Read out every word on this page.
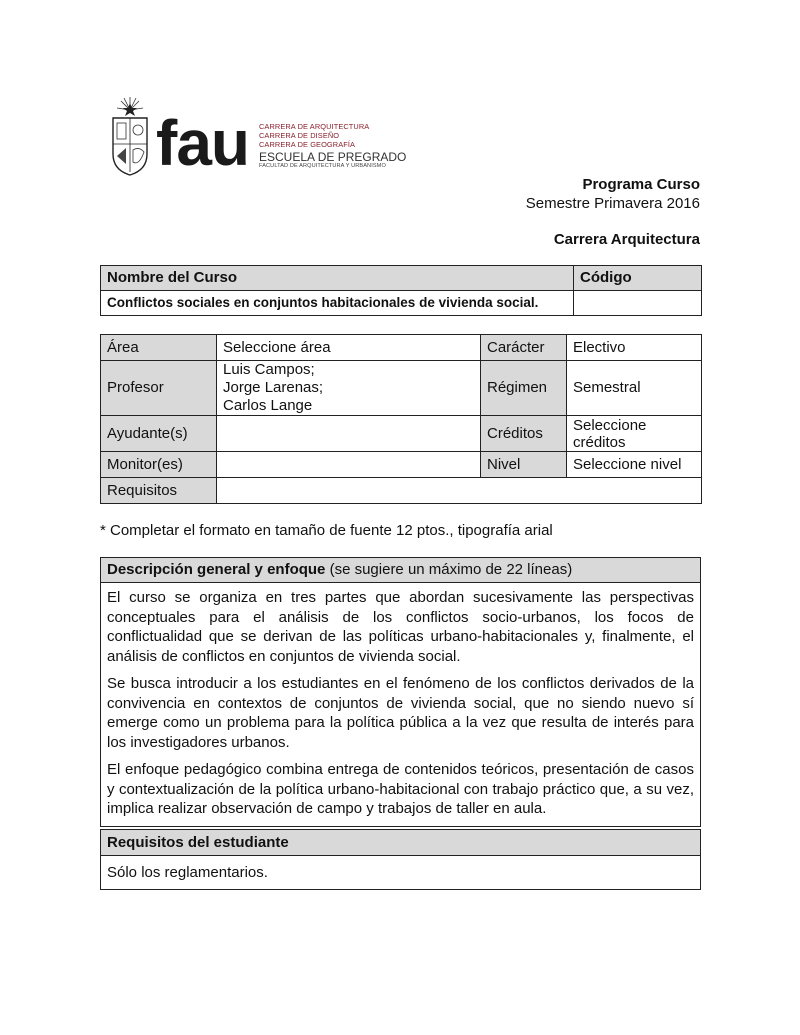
fau CARRERA DE ARQUITECTURA
CARRERA DE DISEÑO
CARRERA DE GEOGRAFÍA
ESCUELA DE PREGRADO
FACULTAD DE ARQUITECTURA Y URBANISMO
Programa Curso
Semestre Primavera 2016
Carrera Arquitectura
Nombre del Curso	Código
Conflictos sociales en conjuntos habitacionales de vivienda social.	
Área	Seleccione área	Carácter	Electivo
Profesor	Luis Campos;
Jorge Larenas;
Carlos Lange	Régimen	Semestral
Ayudante(s)		Créditos	Seleccione créditos
Monitor(es)		Nivel	Seleccione nivel
Requisitos			
* Completar el formato en tamaño de fuente 12 ptos., tipografía arial
Descripción general y enfoque (se sugiere un máximo de 22 líneas)

El curso se organiza en tres partes que abordan sucesivamente las perspectivas conceptuales para el análisis de los conflictos socio-urbanos, los focos de conflictualidad que se derivan de las políticas urbano-habitacionales y, finalmente, el análisis de conflictos en conjuntos de vivienda social.

Se busca introducir a los estudiantes en el fenómeno de los conflictos derivados de la convivencia en contextos de conjuntos de vivienda social, que no siendo nuevo sí emerge como un problema para la política pública a la vez que resulta de interés para los investigadores urbanos.

El enfoque pedagógico combina entrega de contenidos teóricos, presentación de casos y contextualización de la política urbano-habitacional con trabajo práctico que, a su vez, implica realizar observación de campo y trabajos de taller en aula.

Requisitos del estudiante
Sólo los reglamentarios.
